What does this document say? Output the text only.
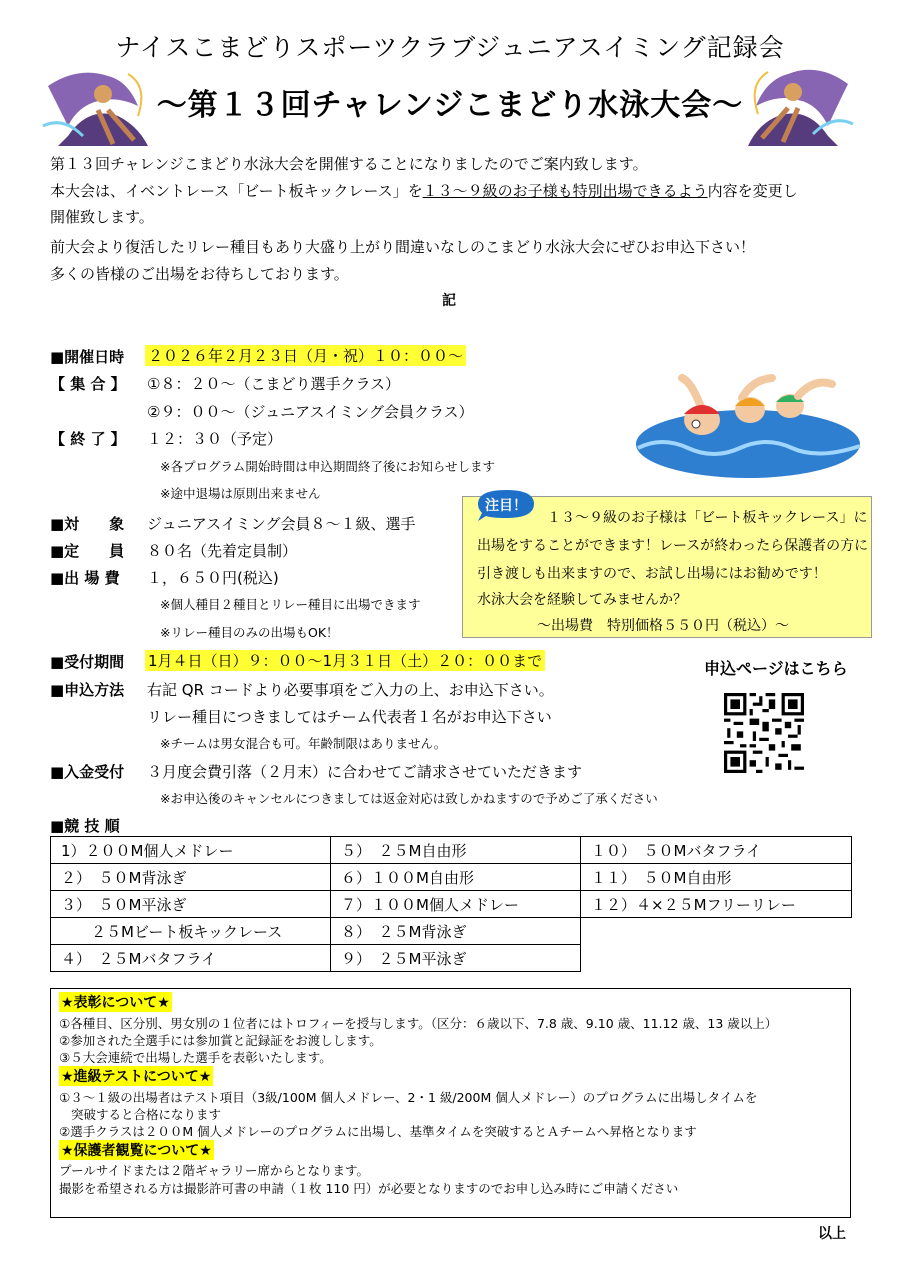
ナイスこまどりスポーツクラブジュニアスイミング記録会
～第１３回チャレンジこまどり水泳大会～
第１３回チャレンジこまどり水泳大会を開催することになりましたのでご案内致します。
本大会は、イベントレース「ビート板キックレース」を１３～９級のお子様も特別出場できるよう内容を変更し
開催致します。
前大会より復活したリレー種目もあり大盛り上がり間違いなしのこまどり水泳大会にぜひお申込下さい！
多くの皆様のご出場をお待ちしております。
記
■開催日時 ２０２６年２月２３日（月・祝）１０：００～
【 集 合 】 ①８：２０～（こまどり選手クラス）
②９：００～（ジュニアスイミング会員クラス）
【 終 了 】 １２：３０（予定）
※各プログラム開始時間は申込期間終了後にお知らせします
※途中退場は原則出来ません
■対　　象 ジュニアスイミング会員８～１級、選手
■定　　員 ８０名（先着定員制）
■出 場 費 １，６５０円(税込)
※個人種目２種目とリレー種目に出場できます
※リレー種目のみの出場もOK！
■受付期間 1月４日（日）９：００～1月３１日（土）２０：００まで
■申込方法 右記 QR コードより必要事項をご入力の上、お申込下さい。
リレー種目につきましてはチーム代表者１名がお申込下さい
※チームは男女混合も可。年齢制限はありません。
■入金受付 ３月度会費引落（２月末）に合わせてご請求させていただきます
※お申込後のキャンセルにつきましては返金対応は致しかねますので予めご了承ください
■競 技 順
１３～９級のお子様は「ビート板キックレース」に
出場をすることができます！レースが終わったら保護者の方に
引き渡しも出来ますので、お試し出場にはお勧めです！
水泳大会を経験してみませんか？
～出場費　特別価格５５０円（税込）～
注目！
申込ページはこちら
1）２００M個人メドレー	５）　２５M自由形	１０）　５０Mバタフライ
２）　５０M背泳ぎ	６）１００M自由形	１１）　５０M自由形
３）　５０M平泳ぎ	７）１００M個人メドレー	１２）４×２５Mフリーリレー
　　２５Mビート板キックレース	８）　２５M背泳ぎ	
４）　２５Mバタフライ	９）　２５M平泳ぎ	
★表彰について★
①各種目、区分別、男女別の１位者にはトロフィーを授与します。（区分：６歳以下、7.8 歳、9.10 歳、11.12 歳、13 歳以上）
②参加された全選手には参加賞と記録証をお渡しします。
③５大会連続で出場した選手を表彰いたします。
★進級テストについて★
①３～１級の出場者はテスト項目（3級/100M 個人メドレー、2・1 級/200M 個人メドレー）のプログラムに出場しタイムを
突破すると合格になります
②選手クラスは２００M 個人メドレーのプログラムに出場し、基準タイムを突破するとＡチームへ昇格となります
★保護者観覧について★
プールサイドまたは２階ギャラリー席からとなります。
撮影を希望される方は撮影許可書の申請（１枚 110 円）が必要となりますのでお申し込み時にご申請ください
以上
